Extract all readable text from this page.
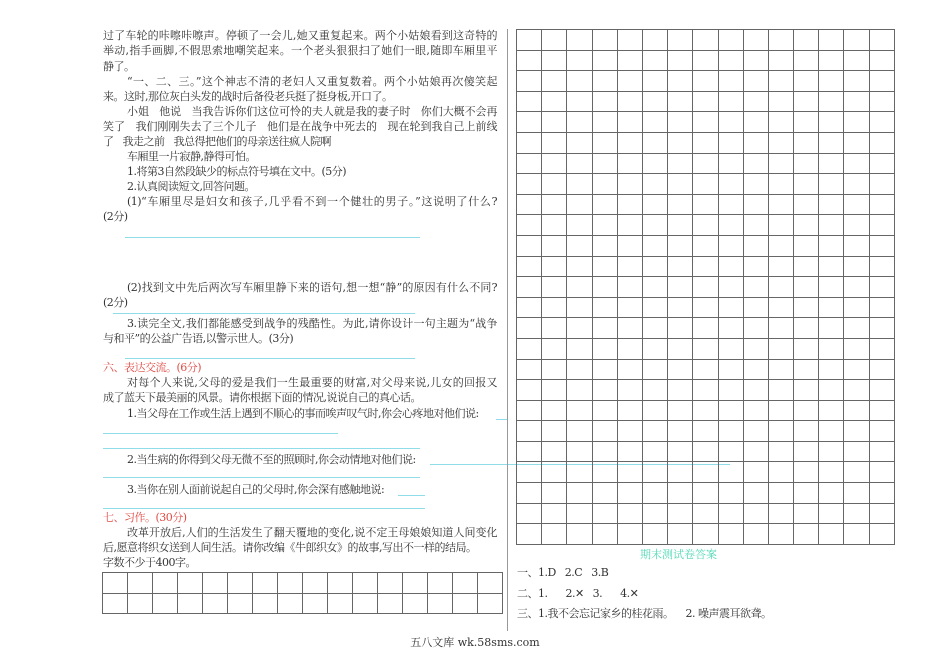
过了车轮的咔嚓咔嚓声。停顿了一会儿,她又重复起来。两个小姑娘看到这奇特的
举动,指手画脚,不假思索地嘲笑起来。一个老头狠狠扫了她们一眼,随即车厢里平
静了。
“一、二、三。”这个神志不清的老妇人又重复数着。两个小姑娘再次傻笑起
来。这时,那位灰白头发的战时后备役老兵挺了挺身板,开口了。
小姐   他说   当我告诉你们这位可怜的夫人就是我的妻子时   你们大概不会再
笑了   我们刚刚失去了三个儿子   他们是在战争中死去的   现在轮到我自己上前线
了   我走之前   我总得把他们的母亲送往疯人院啊
车厢里一片寂静,静得可怕。
1.将第3自然段缺少的标点符号填在文中。(5分)
2.认真阅读短文,回答问题。
(1)“车厢里尽是妇女和孩子,几乎看不到一个健壮的男子。”这说明了什么?
(2分)
(2)找到文中先后两次写车厢里静下来的语句,想一想“静”的原因有什么不同?
(2分)
3.读完全文,我们都能感受到战争的残酷性。为此,请你设计一句主题为“战争
与和平”的公益广告语,以警示世人。(3分)
六、表达交流。(6分)
对每个人来说,父母的爱是我们一生最重要的财富,对父母来说,儿女的回报又
成了蓝天下最美丽的风景。请你根据下面的情况,说说自己的真心话。
1.当父母在工作或生活上遇到不顺心的事而唉声叹气时,你会心疼地对他们说:
2.当生病的你得到父母无微不至的照顾时,你会动情地对他们说:
3.当你在别人面前说起自己的父母时,你会深有感触地说:
七、习作。(30分)
改革开放后,人们的生活发生了翻天覆地的变化,说不定王母娘娘知道人间变化
后,愿意将织女送到人间生活。请你改编《牛郎织女》的故事,写出不一样的结局。
字数不少于400字。

期末测试卷答案
一、1.D   2.C   3.B
二、1.      2.✕   3.      4.✕
三、1.我不会忘记家乡的桂花雨。    2. 噪声震耳欲聋。
五八文库 wk.58sms.com
